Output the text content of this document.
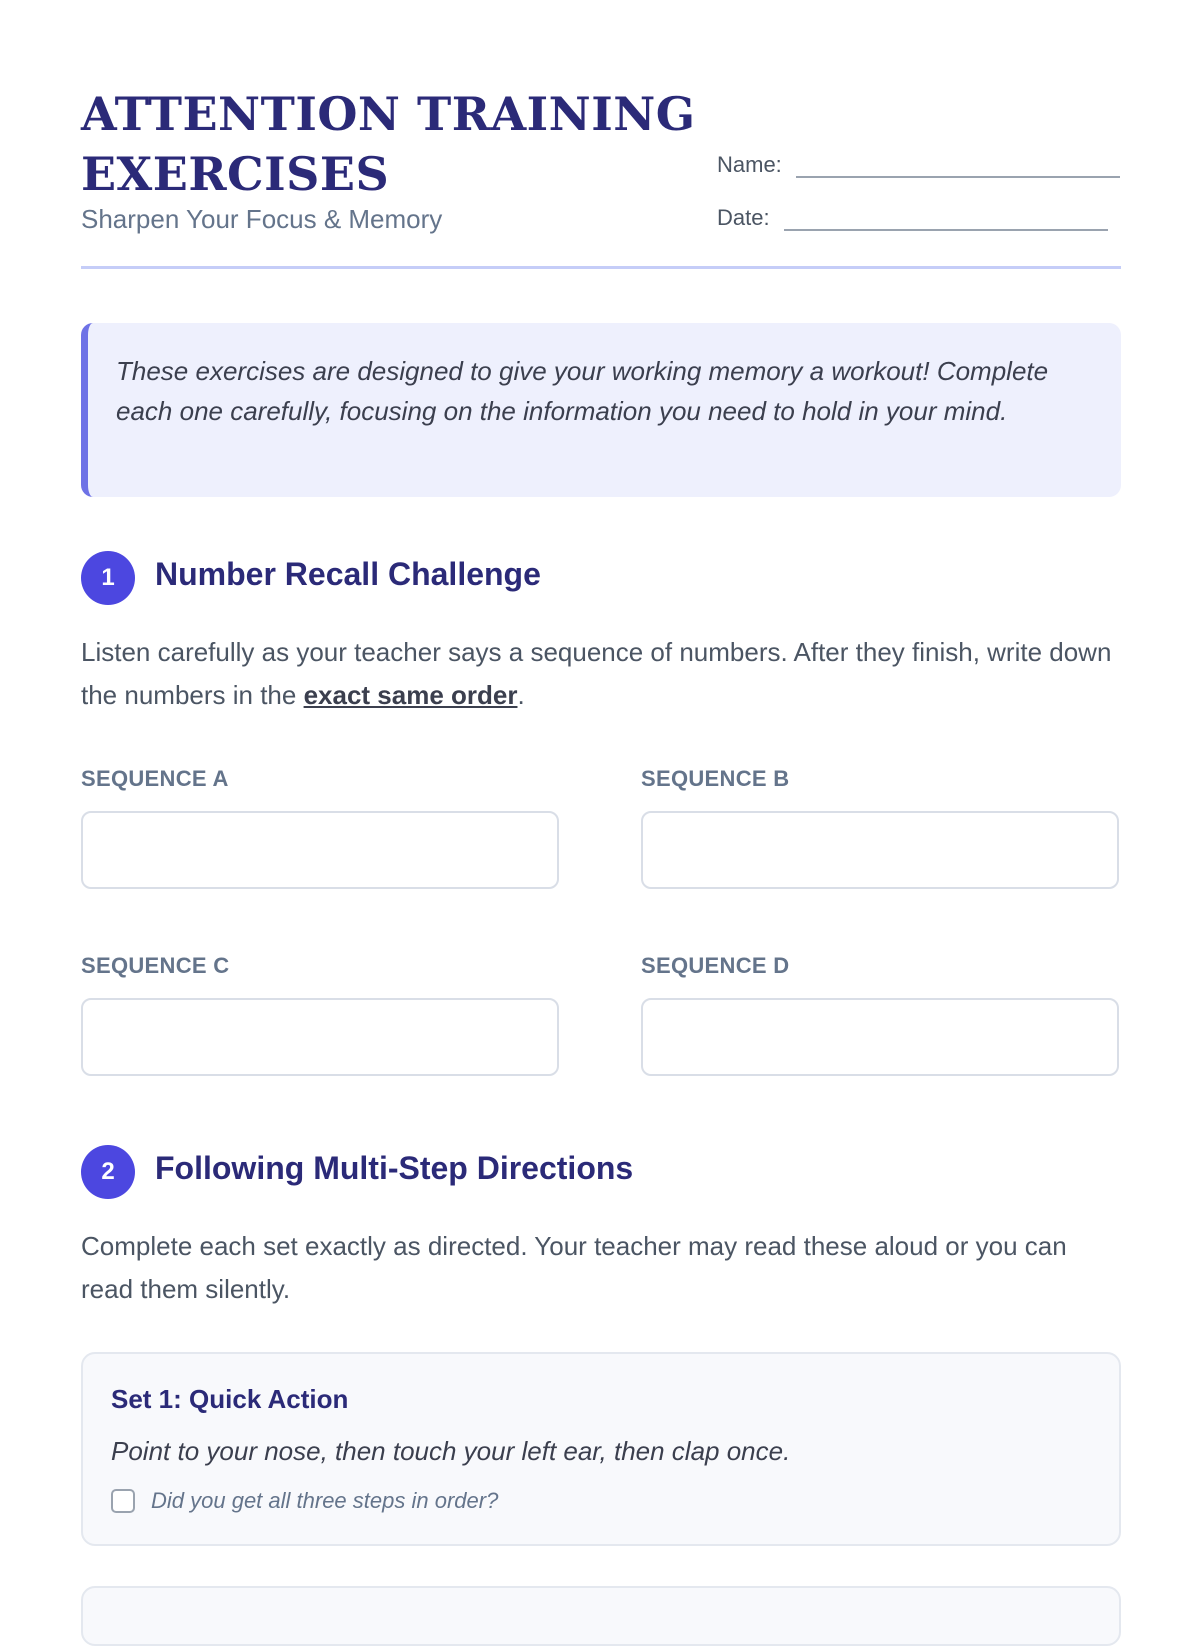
ATTENTION TRAINING EXERCISES

Sharpen Your Focus & Memory

Name:
Date:
These exercises are designed to give your working memory a workout! Complete each one carefully, focusing on the information you need to hold in your mind.
1	Number Recall Challenge

Listen carefully as your teacher says a sequence of numbers. After they finish, write down the numbers in the exact same order.

SEQUENCE A	SEQUENCE B
SEQUENCE C	SEQUENCE D
2	Following Multi-Step Directions

Complete each set exactly as directed. Your teacher may read these aloud or you can read them silently.

Set 1: Quick Action
Point to your nose, then touch your left ear, then clap once.
Did you get all three steps in order?
